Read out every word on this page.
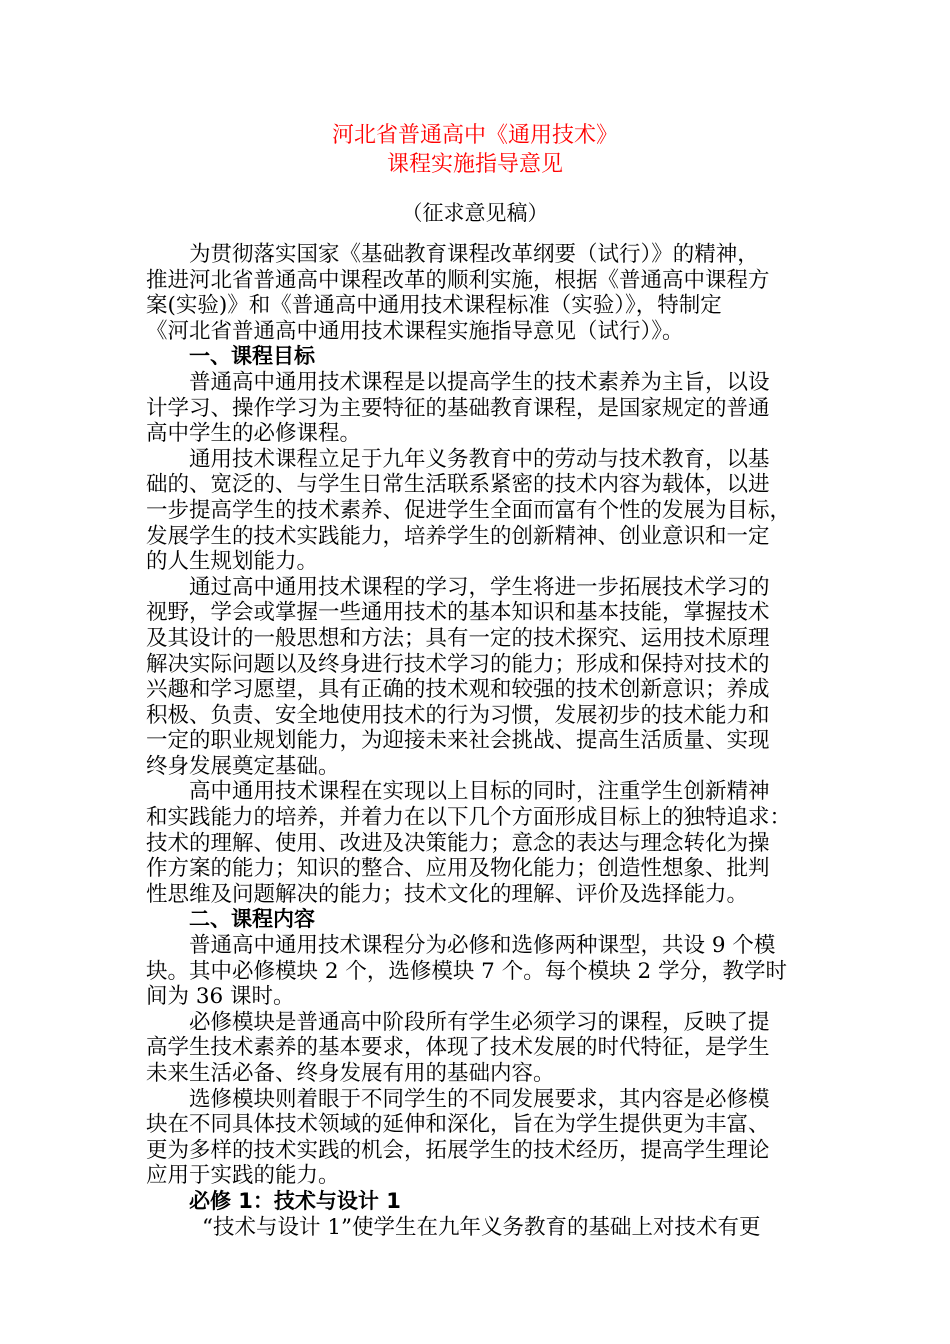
河北省普通高中《通用技术》
课程实施指导意见
（征求意见稿）
为贯彻落实国家《基础教育课程改革纲要（试行）》的精神，
推进河北省普通高中课程改革的顺利实施，根据《普通高中课程方
案(实验)》和《普通高中通用技术课程标准（实验）》，特制定
《河北省普通高中通用技术课程实施指导意见（试行）》。
一、课程目标
普通高中通用技术课程是以提高学生的技术素养为主旨，以设
计学习、操作学习为主要特征的基础教育课程，是国家规定的普通
高中学生的必修课程。
通用技术课程立足于九年义务教育中的劳动与技术教育，以基
础的、宽泛的、与学生日常生活联系紧密的技术内容为载体，以进
一步提高学生的技术素养、促进学生全面而富有个性的发展为目标，
发展学生的技术实践能力，培养学生的创新精神、创业意识和一定
的人生规划能力。
通过高中通用技术课程的学习，学生将进一步拓展技术学习的
视野，学会或掌握一些通用技术的基本知识和基本技能，掌握技术
及其设计的一般思想和方法；具有一定的技术探究、运用技术原理
解决实际问题以及终身进行技术学习的能力；形成和保持对技术的
兴趣和学习愿望，具有正确的技术观和较强的技术创新意识；养成
积极、负责、安全地使用技术的行为习惯，发展初步的技术能力和
一定的职业规划能力，为迎接未来社会挑战、提高生活质量、实现
终身发展奠定基础。
高中通用技术课程在实现以上目标的同时，注重学生创新精神
和实践能力的培养，并着力在以下几个方面形成目标上的独特追求：
技术的理解、使用、改进及决策能力；意念的表达与理念转化为操
作方案的能力；知识的整合、应用及物化能力；创造性想象、批判
性思维及问题解决的能力；技术文化的理解、评价及选择能力。
二、课程内容
普通高中通用技术课程分为必修和选修两种课型，共设 9 个模
块。其中必修模块 2 个，选修模块 7 个。每个模块 2 学分，教学时
间为 36 课时。
必修模块是普通高中阶段所有学生必须学习的课程，反映了提
高学生技术素养的基本要求，体现了技术发展的时代特征，是学生
未来生活必备、终身发展有用的基础内容。
选修模块则着眼于不同学生的不同发展要求，其内容是必修模
块在不同具体技术领域的延伸和深化，旨在为学生提供更为丰富、
更为多样的技术实践的机会，拓展学生的技术经历，提高学生理论
应用于实践的能力。
必修 1：技术与设计 1
“技术与设计 1”使学生在九年义务教育的基础上对技术有更
